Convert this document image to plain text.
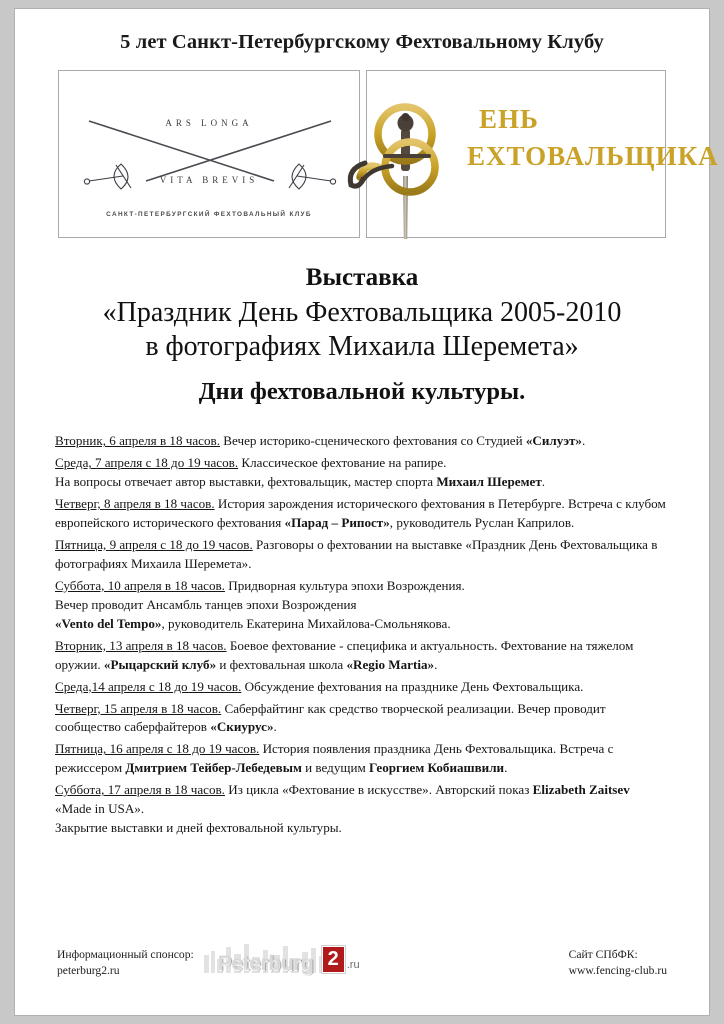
5 лет Санкт-Петербургскому Фехтовальному Клубу
ARS LONGA
VITA BREVIS
САНКТ-ПЕТЕРБУРГСКИЙ ФЕХТОВАЛЬНЫЙ КЛУБ
ЕНЬ
ЕХТОВАЛЬЩИКА
Выставка
«Праздник День Фехтовальщика 2005-2010
в фотографиях Михаила Шеремета»
Дни фехтовальной культуры.
Вторник, 6 апреля в 18 часов. Вечер историко-сценического фехтования со Студией «Силуэт».
Среда, 7 апреля с 18 до 19 часов. Классическое фехтование на рапире.
На вопросы отвечает автор выставки, фехтовальщик, мастер спорта Михаил Шеремет.
Четверг, 8 апреля в 18 часов. История зарождения исторического фехтования в Петербурге. Встреча с клубом европейского исторического фехтования «Парад – Рипост», руководитель Руслан Каприлов.
Пятница, 9 апреля с 18 до 19 часов. Разговоры о фехтовании на выставке «Праздник День Фехтовальщика в фотографиях Михаила Шеремета».
Суббота, 10 апреля в 18 часов. Придворная культура эпохи Возрождения.
Вечер проводит Ансамбль танцев эпохи Возрождения
«Vento del Tempo», руководитель Екатерина Михайлова-Смольнякова.
Вторник, 13 апреля в 18 часов. Боевое фехтование - специфика и актуальность. Фехтование на тяжелом оружии. «Рыцарский клуб» и фехтовальная школа «Regio Martia».
Среда,14 апреля с 18 до 19 часов. Обсуждение фехтования на празднике День Фехтовальщика.
Четверг, 15 апреля в 18 часов. Саберфайтинг как средство творческой реализации. Вечер проводит сообщество саберфайтеров «Скиурус».
Пятница, 16 апреля с 18 до 19 часов. История появления праздника День Фехтовальщика. Встреча с режиссером Дмитрием Тейбер-Лебедевым и ведущим Георгием Кобиашвили.
Суббота, 17 апреля в 18 часов. Из цикла «Фехтование в искусстве». Авторский показ Elizabeth Zaitsev «Made in USA».
Закрытие выставки и дней фехтовальной культуры.
Информационный спонсор:
peterburg2.ru	Peterburg 2 .ru
Сайт СПбФК:
www.fencing-club.ru
